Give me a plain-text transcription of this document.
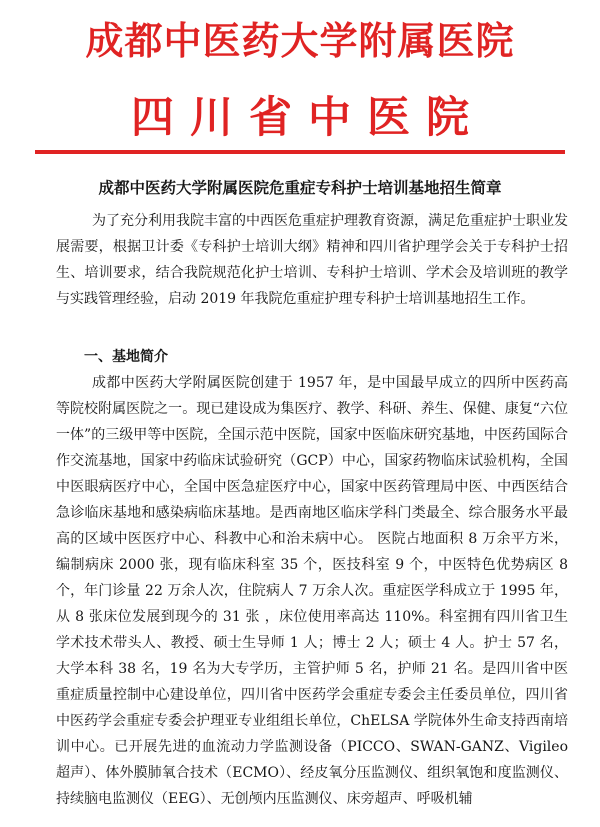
成都中医药大学附属医院
四川省中医院
成都中医药大学附属医院危重症专科护士培训基地招生简章
为了充分利用我院丰富的中西医危重症护理教育资源，满足危重症护士职业发展需要，根据卫计委《专科护士培训大纲》精神和四川省护理学会关于专科护士招生、培训要求，结合我院规范化护士培训、专科护士培训、学术会及培训班的教学与实践管理经验，启动 2019 年我院危重症护理专科护士培训基地招生工作。
一、基地简介
成都中医药大学附属医院创建于 1957 年，是中国最早成立的四所中医药高等院校附属医院之一。现已建设成为集医疗、教学、科研、养生、保健、康复“六位一体”的三级甲等中医院，全国示范中医院，国家中医临床研究基地，中医药国际合作交流基地，国家中药临床试验研究（GCP）中心，国家药物临床试验机构，全国中医眼病医疗中心，全国中医急症医疗中心，国家中医药管理局中医、中西医结合急诊临床基地和感染病临床基地。是西南地区临床学科门类最全、综合服务水平最高的区域中医医疗中心、科教中心和治未病中心。 医院占地面积 8 万余平方米，编制病床 2000 张，现有临床科室 35 个，医技科室 9 个，中医特色优势病区 8 个，年门诊量 22 万余人次，住院病人 7 万余人次。重症医学科成立于 1995 年，从 8 张床位发展到现今的 31 张 ，床位使用率高达 110%。科室拥有四川省卫生学术技术带头人、教授、硕士生导师 1 人；博士 2 人；硕士 4 人。护士 57 名，大学本科 38 名，19 名为大专学历，主管护师 5 名，护师 21 名。是四川省中医重症质量控制中心建设单位，四川省中医药学会重症专委会主任委员单位，四川省中医药学会重症专委会护理亚专业组组长单位，ChELSA 学院体外生命支持西南培训中心。已开展先进的血流动力学监测设备（PICCO、SWAN-GANZ、Vigileo 超声）、体外膜肺氧合技术（ECMO）、经皮氧分压监测仪、组织氧饱和度监测仪、持续脑电监测仪（EEG）、无创颅内压监测仪、床旁超声、呼吸机辅
